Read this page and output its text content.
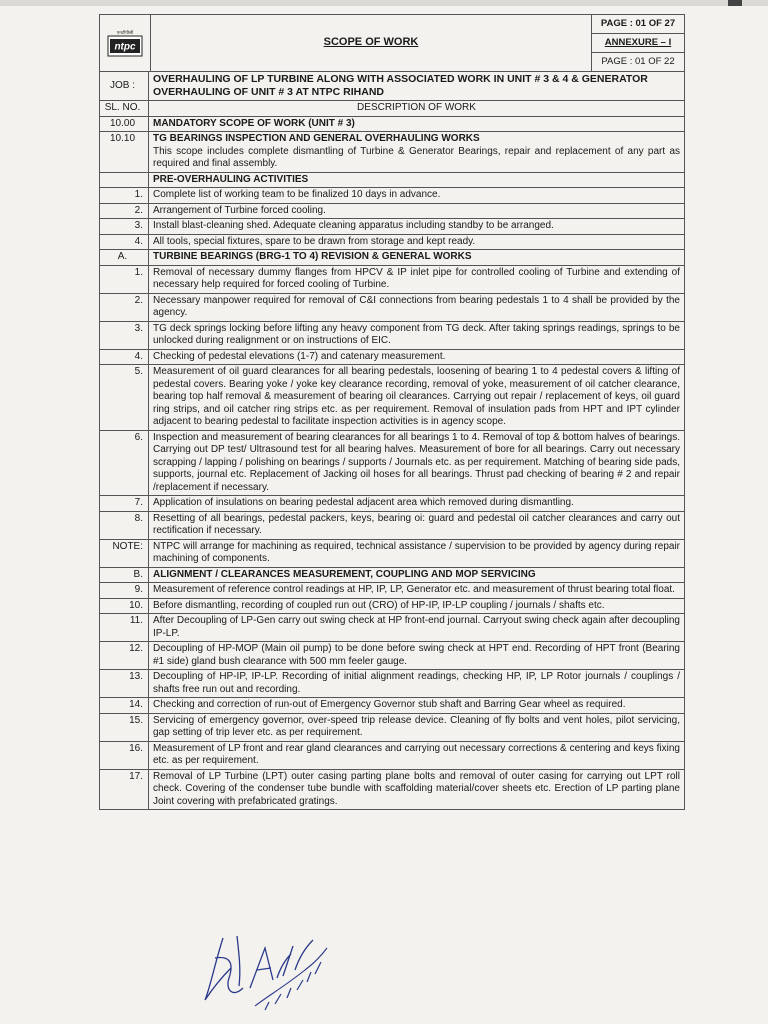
ntpc
एनटीपीसी
SCOPE OF WORK
PAGE : 01 OF 27
ANNEXURE – I
PAGE : 01 OF 22
JOB :
OVERHAULING OF LP TURBINE ALONG WITH ASSOCIATED WORK IN UNIT # 3 & 4 & GENERATOR OVERHAULING OF UNIT # 3 AT NTPC RIHAND
SL. NO.	DESCRIPTION OF WORK
10.00	MANDATORY SCOPE OF WORK (UNIT # 3)
10.10	TG BEARINGS INSPECTION AND GENERAL OVERHAULING WORKS
This scope includes complete dismantling of Turbine & Generator Bearings, repair and replacement of any part as required and final assembly.
PRE-OVERHAULING ACTIVITIES
1.	Complete list of working team to be finalized 10 days in advance.
2.	Arrangement of Turbine forced cooling.
3.	Install blast-cleaning shed. Adequate cleaning apparatus including standby to be arranged.
4.	All tools, special fixtures, spare to be drawn from storage and kept ready.
A.	TURBINE BEARINGS (BRG-1 TO 4) REVISION & GENERAL WORKS
1.	Removal of necessary dummy flanges from HPCV & IP inlet pipe for controlled cooling of Turbine and extending of necessary help required for forced cooling of Turbine.
2.	Necessary manpower required for removal of C&I connections from bearing pedestals 1 to 4 shall be provided by the agency.
3.	TG deck springs locking before lifting any heavy component from TG deck. After taking springs readings, springs to be unlocked during realignment or on instructions of EIC.
4.	Checking of pedestal elevations (1-7) and catenary measurement.
5.	Measurement of oil guard clearances for all bearing pedestals, loosening of bearing 1 to 4 pedestal covers & lifting of pedestal covers. Bearing yoke / yoke key clearance recording, removal of yoke, measurement of oil catcher clearance, bearing top half removal & measurement of bearing oil clearances. Carrying out repair / replacement of keys, oil guard ring strips, and oil catcher ring strips etc. as per requirement. Removal of insulation pads from HPT and IPT cylinder adjacent to bearing pedestal to facilitate inspection activities is in agency scope.
6.	Inspection and measurement of bearing clearances for all bearings 1 to 4. Removal of top & bottom halves of bearings. Carrying out DP test/ Ultrasound test for all bearing halves. Measurement of bore for all bearings. Carry out necessary scrapping / lapping / polishing on bearings / supports / Journals etc. as per requirement. Matching of bearing side pads, supports, journal etc. Replacement of Jacking oil hoses for all bearings. Thrust pad checking of bearing # 2 and repair /replacement if necessary.
7.	Application of insulations on bearing pedestal adjacent area which removed during dismantling.
8.	Resetting of all bearings, pedestal packers, keys, bearing oi: guard and pedestal oil catcher clearances and carry out rectification if necessary.
NOTE:	NTPC will arrange for machining as required, technical assistance / supervision to be provided by agency during repair machining of components.
B.	ALIGNMENT / CLEARANCES MEASUREMENT, COUPLING AND MOP SERVICING
9.	Measurement of reference control readings at HP, IP, LP, Generator etc. and measurement of thrust bearing total float.
10.	Before dismantling, recording of coupled run out (CRO) of HP-IP, IP-LP coupling / journals / shafts etc.
11.	After Decoupling of LP-Gen carry out swing check at HP front-end journal. Carryout swing check again after decoupling IP-LP.
12.	Decoupling of HP-MOP (Main oil pump) to be done before swing check at HPT end. Recording of HPT front (Bearing #1 side) gland bush clearance with 500 mm feeler gauge.
13.	Decoupling of HP-IP, IP-LP. Recording of initial alignment readings, checking HP, IP, LP Rotor journals / couplings / shafts free run out and recording.
14.	Checking and correction of run-out of Emergency Governor stub shaft and Barring Gear wheel as required.
15.	Servicing of emergency governor, over-speed trip release device. Cleaning of fly bolts and vent holes, pilot servicing, gap setting of trip lever etc. as per requirement.
16.	Measurement of LP front and rear gland clearances and carrying out necessary corrections & centering and keys fixing etc. as per requirement.
17.	Removal of LP Turbine (LPT) outer casing parting plane bolts and removal of outer casing for carrying out LPT roll check. Covering of the condenser tube bundle with scaffolding material/cover sheets etc. Erection of LP parting plane Joint covering with prefabricated gratings.
